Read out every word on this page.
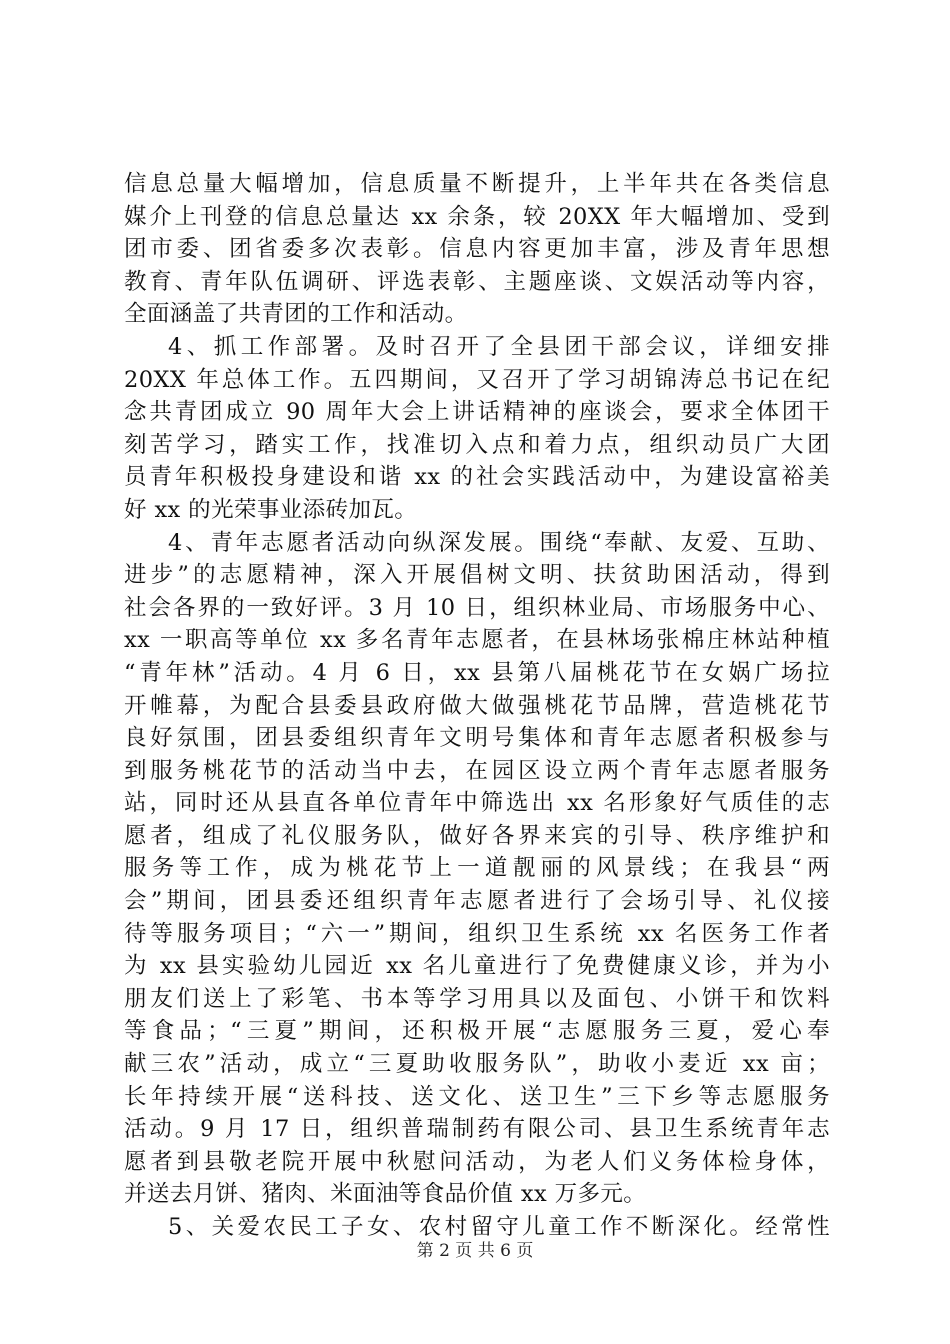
信息总量大幅增加，信息质量不断提升，上半年共在各类信息
媒介上刊登的信息总量达 xx 余条，较 20XX 年大幅增加、受到
团市委、团省委多次表彰。信息内容更加丰富，涉及青年思想
教育、青年队伍调研、评选表彰、主题座谈、文娱活动等内容，
全面涵盖了共青团的工作和活动。
4、抓工作部署。及时召开了全县团干部会议，详细安排
20XX 年总体工作。五四期间，又召开了学习胡锦涛总书记在纪
念共青团成立 90 周年大会上讲话精神的座谈会，要求全体团干
刻苦学习，踏实工作，找准切入点和着力点，组织动员广大团
员青年积极投身建设和谐 xx 的社会实践活动中，为建设富裕美
好 xx 的光荣事业添砖加瓦。
4、青年志愿者活动向纵深发展。围绕“奉献、友爱、互助、
进步”的志愿精神，深入开展倡树文明、扶贫助困活动，得到
社会各界的一致好评。3 月 10 日，组织林业局、市场服务中心、
xx 一职高等单位 xx 多名青年志愿者，在县林场张棉庄林站种植
“青年林”活动。4 月 6 日，xx 县第八届桃花节在女娲广场拉
开帷幕，为配合县委县政府做大做强桃花节品牌，营造桃花节
良好氛围，团县委组织青年文明号集体和青年志愿者积极参与
到服务桃花节的活动当中去，在园区设立两个青年志愿者服务
站，同时还从县直各单位青年中筛选出 xx 名形象好气质佳的志
愿者，组成了礼仪服务队，做好各界来宾的引导、秩序维护和
服务等工作，成为桃花节上一道靓丽的风景线；在我县“两
会”期间，团县委还组织青年志愿者进行了会场引导、礼仪接
待等服务项目；“六一”期间，组织卫生系统 xx 名医务工作者
为 xx 县实验幼儿园近 xx 名儿童进行了免费健康义诊，并为小
朋友们送上了彩笔、书本等学习用具以及面包、小饼干和饮料
等食品；“三夏”期间，还积极开展“志愿服务三夏，爱心奉
献三农”活动，成立“三夏助收服务队”，助收小麦近 xx 亩；
长年持续开展“送科技、送文化、送卫生”三下乡等志愿服务
活动。9 月 17 日，组织普瑞制药有限公司、县卫生系统青年志
愿者到县敬老院开展中秋慰问活动，为老人们义务体检身体，
并送去月饼、猪肉、米面油等食品价值 xx 万多元。
5、关爱农民工子女、农村留守儿童工作不断深化。经常性
第 2 页 共 6 页
